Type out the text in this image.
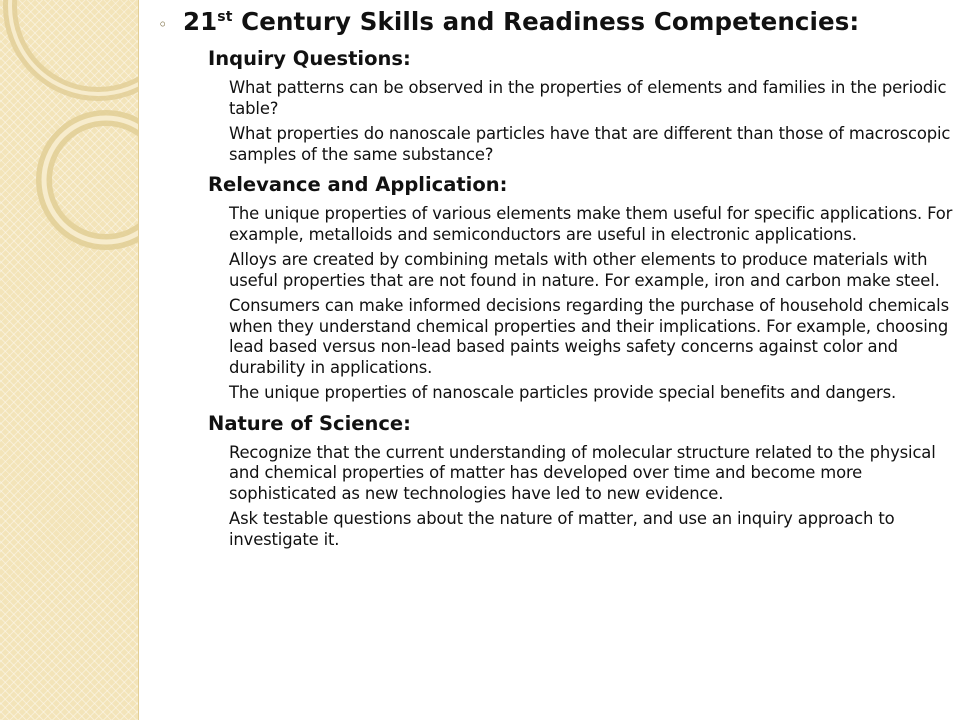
◦ 21st Century Skills and Readiness Competencies:
Inquiry Questions:
What patterns can be observed in the properties of elements and families in the periodic table?
What properties do nanoscale particles have that are different than those of macroscopic samples of the same substance?
Relevance and Application:
The unique properties of various elements make them useful for specific applications. For example, metalloids and semiconductors are useful in electronic applications.
Alloys are created by combining metals with other elements to produce materials with useful properties that are not found in nature. For example, iron and carbon make steel.
Consumers can make informed decisions regarding the purchase of household chemicals when they understand chemical properties and their implications. For example, choosing lead based versus non-lead based paints weighs safety concerns against color and durability in applications.
The unique properties of nanoscale particles provide special benefits and dangers.
Nature of Science:
Recognize that the current understanding of molecular structure related to the physical and chemical properties of matter has developed over time and become more sophisticated as new technologies have led to new evidence.
Ask testable questions about the nature of matter, and use an inquiry approach to investigate it.
